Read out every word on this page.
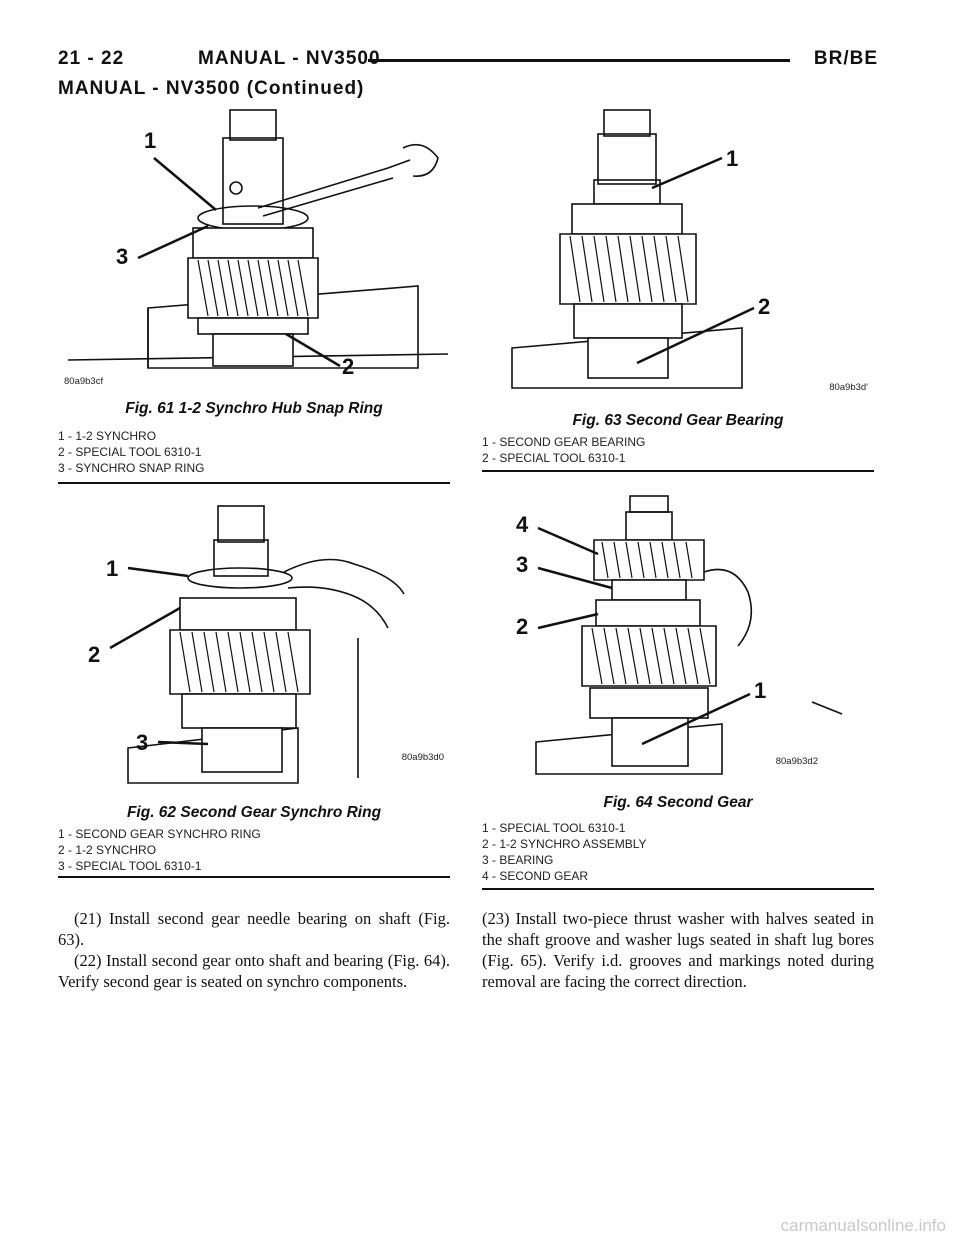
21 - 22	MANUAL - NV3500	BR/BE
MANUAL - NV3500 (Continued)
1
3
2
80a9b3cf
Fig. 61 1-2 Synchro Hub Snap Ring
1 - 1-2 SYNCHRO
2 - SPECIAL TOOL 6310-1
3 - SYNCHRO SNAP RING
1
2
80a9b3d'
Fig. 63 Second Gear Bearing
1 - SECOND GEAR BEARING
2 - SPECIAL TOOL 6310-1
1
2
3
80a9b3d0
Fig. 62 Second Gear Synchro Ring
1 - SECOND GEAR SYNCHRO RING
2 - 1-2 SYNCHRO
3 - SPECIAL TOOL 6310-1
4
3
2
1
80a9b3d2
Fig. 64 Second Gear
1 - SPECIAL TOOL 6310-1
2 - 1-2 SYNCHRO ASSEMBLY
3 - BEARING
4 - SECOND GEAR

(21) Install second gear needle bearing on shaft (Fig. 63).

(22) Install second gear onto shaft and bearing (Fig. 64). Verify second gear is seated on synchro components.

(23) Install two-piece thrust washer with halves seated in the shaft groove and washer lugs seated in shaft lug bores (Fig. 65). Verify i.d. grooves and markings noted during removal are facing the correct direction.

carmanualsonline.info
